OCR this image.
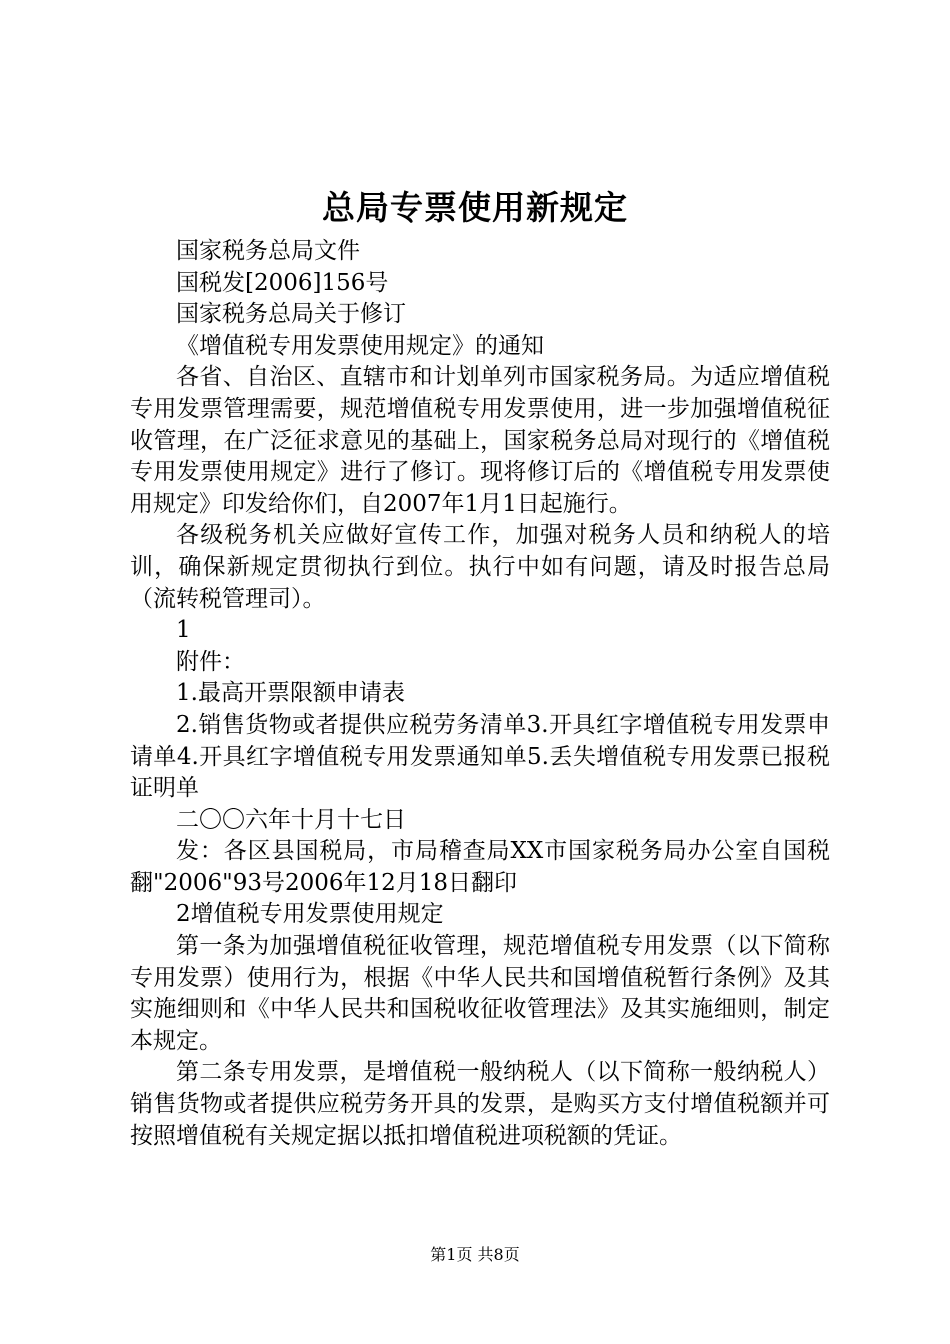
总局专票使用新规定

国家税务总局文件

国税发[2006]156号

国家税务总局关于修订

《增值税专用发票使用规定》的通知

各省、自治区、直辖市和计划单列市国家税务局。为适应增值税专用发票管理需要，规范增值税专用发票使用，进一步加强增值税征收管理，在广泛征求意见的基础上，国家税务总局对现行的《增值税专用发票使用规定》进行了修订。现将修订后的《增值税专用发票使用规定》印发给你们，自2007年1月1日起施行。

各级税务机关应做好宣传工作，加强对税务人员和纳税人的培训，确保新规定贯彻执行到位。执行中如有问题，请及时报告总局（流转税管理司）。

1

附件：

1.最高开票限额申请表

2.销售货物或者提供应税劳务清单3.开具红字增值税专用发票申请单4.开具红字增值税专用发票通知单5.丢失增值税专用发票已报税证明单

二〇〇六年十月十七日

发：各区县国税局，市局稽查局XX市国家税务局办公室自国税翻"2006"93号2006年12月18日翻印

2增值税专用发票使用规定

第一条为加强增值税征收管理，规范增值税专用发票（以下简称专用发票）使用行为，根据《中华人民共和国增值税暂行条例》及其实施细则和《中华人民共和国税收征收管理法》及其实施细则，制定本规定。

第二条专用发票，是增值税一般纳税人（以下简称一般纳税人）销售货物或者提供应税劳务开具的发票，是购买方支付增值税额并可按照增值税有关规定据以抵扣增值税进项税额的凭证。

第1页 共8页
